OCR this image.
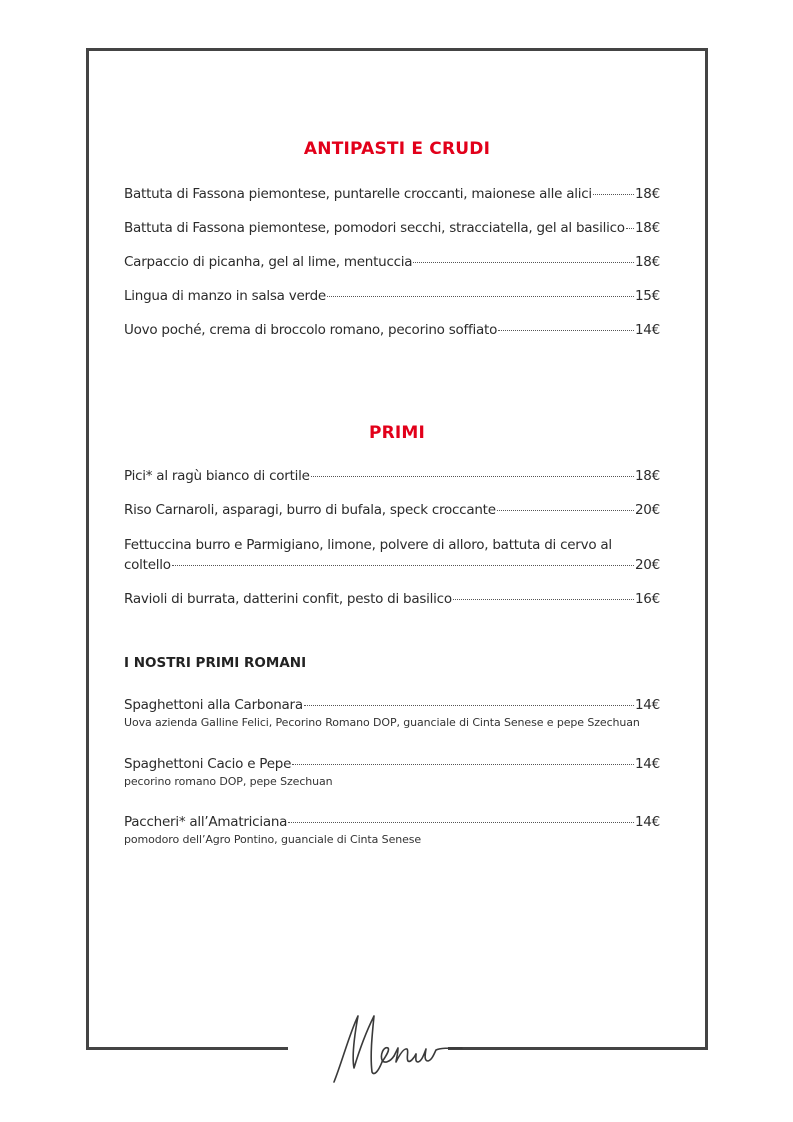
ANTIPASTI E CRUDI
Battuta di Fassona piemontese, puntarelle croccanti, maionese alle alici	18€
Battuta di Fassona piemontese, pomodori secchi, stracciatella, gel al basilico 18€
Carpaccio di picanha, gel al lime, mentuccia	18€
Lingua di manzo in salsa verde	15€
Uovo poché, crema di broccolo romano, pecorino soffiato	14€
PRIMI
Pici* al ragù bianco di cortile	18€
Riso Carnaroli, asparagi, burro di bufala, speck croccante	20€
Fettuccina burro e Parmigiano, limone, polvere di alloro, battuta di cervo al
coltello	20€
Ravioli di burrata, datterini confit, pesto di basilico	16€
I NOSTRI PRIMI ROMANI
Spaghettoni alla Carbonara	14€
Uova azienda Galline Felici, Pecorino Romano DOP, guanciale di Cinta Senese e pepe Szechuan
Spaghettoni Cacio e Pepe	14€
pecorino romano DOP, pepe Szechuan
Paccheri* all’Amatriciana	14€
pomodoro dell’Agro Pontino, guanciale di Cinta Senese
